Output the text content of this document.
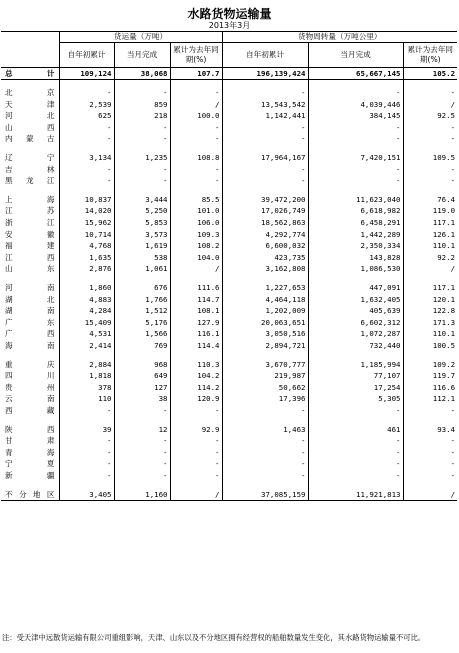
水路货物运输量
2013年3月
	货运量（万吨）			货物周转量（万吨公里）		
	自年初累计	当月完成	累计为去年同期(%)	自年初累计	当月完成	累计为去年同期(%)
总计	109,124	38,068	107.7	196,139,424	65,667,145	105.2

北京	-	-	-	-	-	-
天津	2,539	859	/	13,543,542	4,039,446	/
河北	625	218	100.0	1,142,441	384,145	92.5
山西	-	-	-	-	-	-
内蒙古	-	-	-	-	-	-

辽宁	3,134	1,235	108.8	17,964,167	7,420,151	109.5
吉林	-	-	-	-	-	-
黑龙江	-	-	-	-	-	-

上海	10,837	3,444	85.5	39,472,200	11,623,040	76.4
江苏	14,020	5,250	101.0	17,026,749	6,618,982	119.0
浙江	15,962	5,853	106.0	18,562,863	6,458,291	117.1
安徽	10,714	3,573	109.3	4,292,774	1,442,289	126.1
福建	4,768	1,619	108.2	6,600,032	2,350,334	110.1
江西	1,635	538	104.0	423,735	143,828	92.2
山东	2,876	1,061	/	3,162,808	1,086,530	/

河南	1,860	676	111.6	1,227,653	447,091	117.1
湖北	4,883	1,766	114.7	4,464,118	1,632,405	120.1
湖南	4,284	1,512	108.1	1,202,009	405,639	122.8
广东	15,409	5,176	127.9	20,063,651	6,602,312	171.3
广西	4,531	1,566	116.1	3,050,516	1,072,287	110.1
海南	2,414	769	114.4	2,894,721	732,440	100.5

重庆	2,884	968	110.3	3,670,777	1,185,994	109.2
四川	1,818	649	104.2	219,987	77,107	119.7
贵州	378	127	114.2	50,662	17,254	116.6
云南	110	38	120.9	17,396	5,305	112.1
西藏	-	-	-	-	-	-

陕西	39	12	92.9	1,463	461	93.4
甘肃	-	-	-	-	-	-
青海	-	-	-	-	-	-
宁夏	-	-	-	-	-	-
新疆	-	-	-	-	-	-

不分地区	3,405	1,160	/	37,085,159	11,921,813	/
注：受天津中远散货运输有限公司重组影响，天津、山东以及不分地区拥有经营权的船舶数量发生变化，其水路货物运输量不可比。
